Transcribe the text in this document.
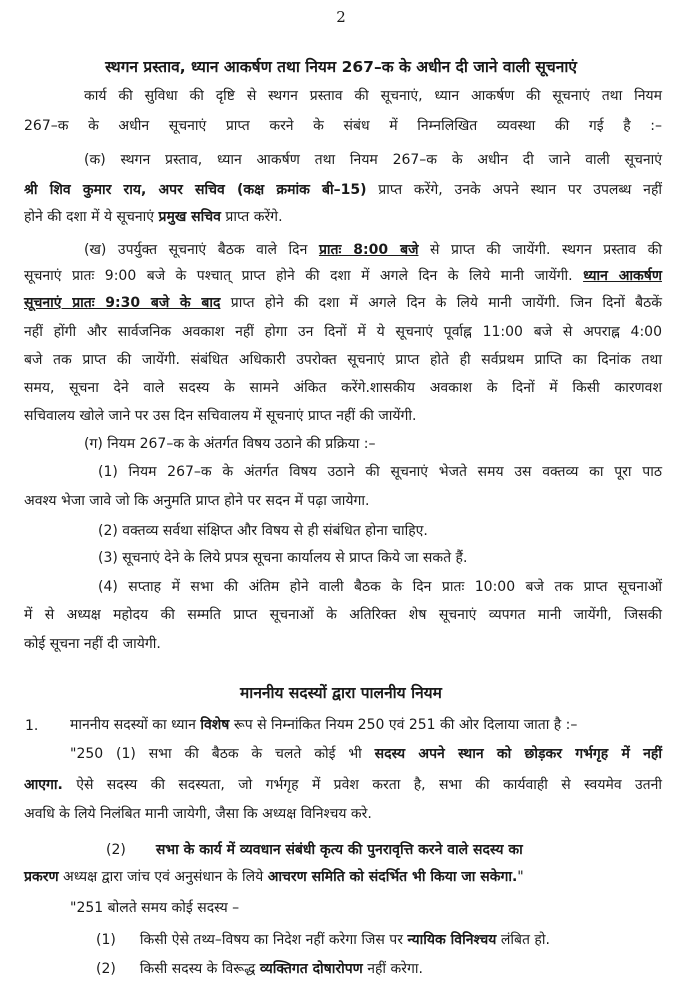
2
स्थगन प्रस्ताव, ध्यान आकर्षण तथा नियम 267–क के अधीन दी जाने वाली सूचनाएं
कार्य की सुविधा की दृष्टि से स्थगन प्रस्ताव की सूचनाएं, ध्यान आकर्षण की सूचनाएं तथा नियम
267–क के अधीन सूचनाएं प्राप्त करने के संबंध में निम्नलिखित व्यवस्था की गई है :–
(क) स्थगन प्रस्ताव, ध्यान आकर्षण तथा नियम 267–क के अधीन दी जाने वाली सूचनाएं
श्री शिव कुमार राय, अपर सचिव (कक्ष क्रमांक बी–15) प्राप्त करेंगे, उनके अपने स्थान पर उपलब्ध नहीं
होने की दशा में ये सूचनाएं प्रमुख सचिव प्राप्त करेंगे.
(ख) उपर्युक्त सूचनाएं बैठक वाले दिन प्रातः 8:00 बजे से प्राप्त की जायेंगी. स्थगन प्रस्ताव की
सूचनाएं प्रातः 9:00 बजे के पश्चात् प्राप्त होने की दशा में अगले दिन के लिये मानी जायेंगी. ध्यान आकर्षण
सूचनाएं प्रातः 9:30 बजे के बाद प्राप्त होने की दशा में अगले दिन के लिये मानी जायेंगी. जिन दिनों बैठकें
नहीं होंगी और सार्वजनिक अवकाश नहीं होगा उन दिनों में ये सूचनाएं पूर्वाह्न 11:00 बजे से अपराह्न 4:00
बजे तक प्राप्त की जायेंगी. संबंधित अधिकारी उपरोक्त सूचनाएं प्राप्त होते ही सर्वप्रथम प्राप्ति का दिनांक तथा
समय, सूचना देने वाले सदस्य के सामने अंकित करेंगे.शासकीय अवकाश के दिनों में किसी कारणवश
सचिवालय खोले जाने पर उस दिन सचिवालय में सूचनाएं प्राप्त नहीं की जायेंगी.
(ग) नियम 267–क के अंतर्गत विषय उठाने की प्रक्रिया :–
(1) नियम 267–क के अंतर्गत विषय उठाने की सूचनाएं भेजते समय उस वक्तव्य का पूरा पाठ
अवश्य भेजा जावे जो कि अनुमति प्राप्त होने पर सदन में पढ़ा जायेगा.
(2) वक्तव्य सर्वथा संक्षिप्त और विषय से ही संबंधित होना चाहिए.
(3) सूचनाएं देने के लिये प्रपत्र सूचना कार्यालय से प्राप्त किये जा सकते हैं.
(4) सप्ताह में सभा की अंतिम होने वाली बैठक के दिन प्रातः 10:00 बजे तक प्राप्त सूचनाओं
में से अध्यक्ष महोदय की सम्मति प्राप्त सूचनाओं के अतिरिक्त शेष सूचनाएं व्यपगत मानी जायेंगी, जिसकी
कोई सूचना नहीं दी जायेगी.
माननीय सदस्यों द्वारा पालनीय नियम
1.	माननीय सदस्यों का ध्यान विशेष रूप से निम्नांकित नियम 250 एवं 251 की ओर दिलाया जाता है :–
"250 (1) सभा की बैठक के चलते कोई भी सदस्य अपने स्थान को छोड़कर गर्भगृह में नहीं
आएगा. ऐसे सदस्य की सदस्यता, जो गर्भगृह में प्रवेश करता है, सभा की कार्यवाही से स्वयमेव उतनी
अवधि के लिये निलंबित मानी जायेगी, जैसा कि अध्यक्ष विनिश्चय करे.
(2) सभा के कार्य में व्यवधान संबंधी कृत्य की पुनरावृत्ति करने वाले सदस्य का
प्रकरण अध्यक्ष द्वारा जांच एवं अनुसंधान के लिये आचरण समिति को संदर्भित भी किया जा सकेगा."
"251 बोलते समय कोई सदस्य –
(1) किसी ऐसे तथ्य–विषय का निदेश नहीं करेगा जिस पर न्यायिक विनिश्चय लंबित हो.
(2) किसी सदस्य के विरूद्ध व्यक्तिगत दोषारोपण नहीं करेगा.
